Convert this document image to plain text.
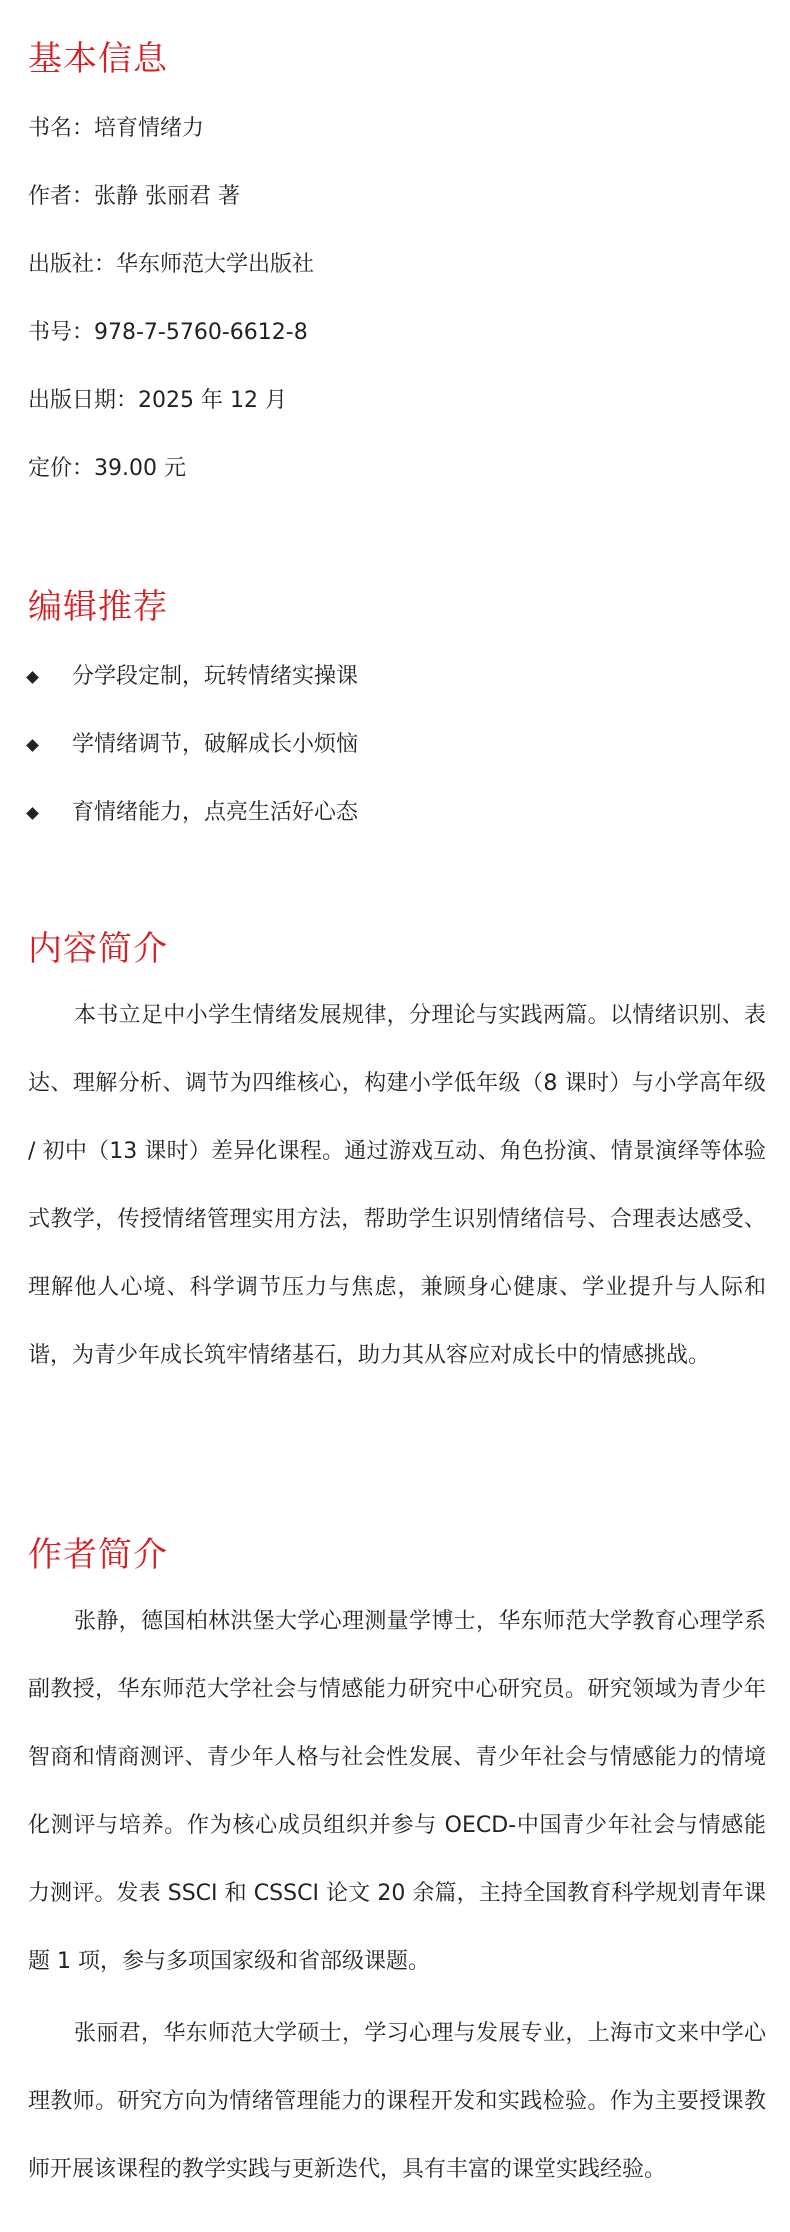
基本信息

书名：培育情绪力

作者：张静 张丽君 著

出版社：华东师范大学出版社

书号：978-7-5760-6612-8

出版日期：2025 年 12 月

定价：39.00 元

编辑推荐
分学段定制，玩转情绪实操课
学情绪调节，破解成长小烦恼
育情绪能力，点亮生活好心态
内容简介

本书立足中小学生情绪发展规律，分理论与实践两篇。以情绪识别、表达、理解分析、调节为四维核心，构建小学低年级（8 课时）与小学高年级 / 初中（13 课时）差异化课程。通过游戏互动、角色扮演、情景演绎等体验式教学，传授情绪管理实用方法，帮助学生识别情绪信号、合理表达感受、理解他人心境、科学调节压力与焦虑，兼顾身心健康、学业提升与人际和谐，为青少年成长筑牢情绪基石，助力其从容应对成长中的情感挑战。

作者简介

张静，德国柏林洪堡大学心理测量学博士，华东师范大学教育心理学系副教授，华东师范大学社会与情感能力研究中心研究员。研究领域为青少年智商和情商测评、青少年人格与社会性发展、青少年社会与情感能力的情境化测评与培养。作为核心成员组织并参与 OECD-中国青少年社会与情感能力测评。发表 SSCI 和 CSSCI 论文 20 余篇，主持全国教育科学规划青年课题 1 项，参与多项国家级和省部级课题。

张丽君，华东师范大学硕士，学习心理与发展专业，上海市文来中学心理教师。研究方向为情绪管理能力的课程开发和实践检验。作为主要授课教师开展该课程的教学实践与更新迭代，具有丰富的课堂实践经验。
